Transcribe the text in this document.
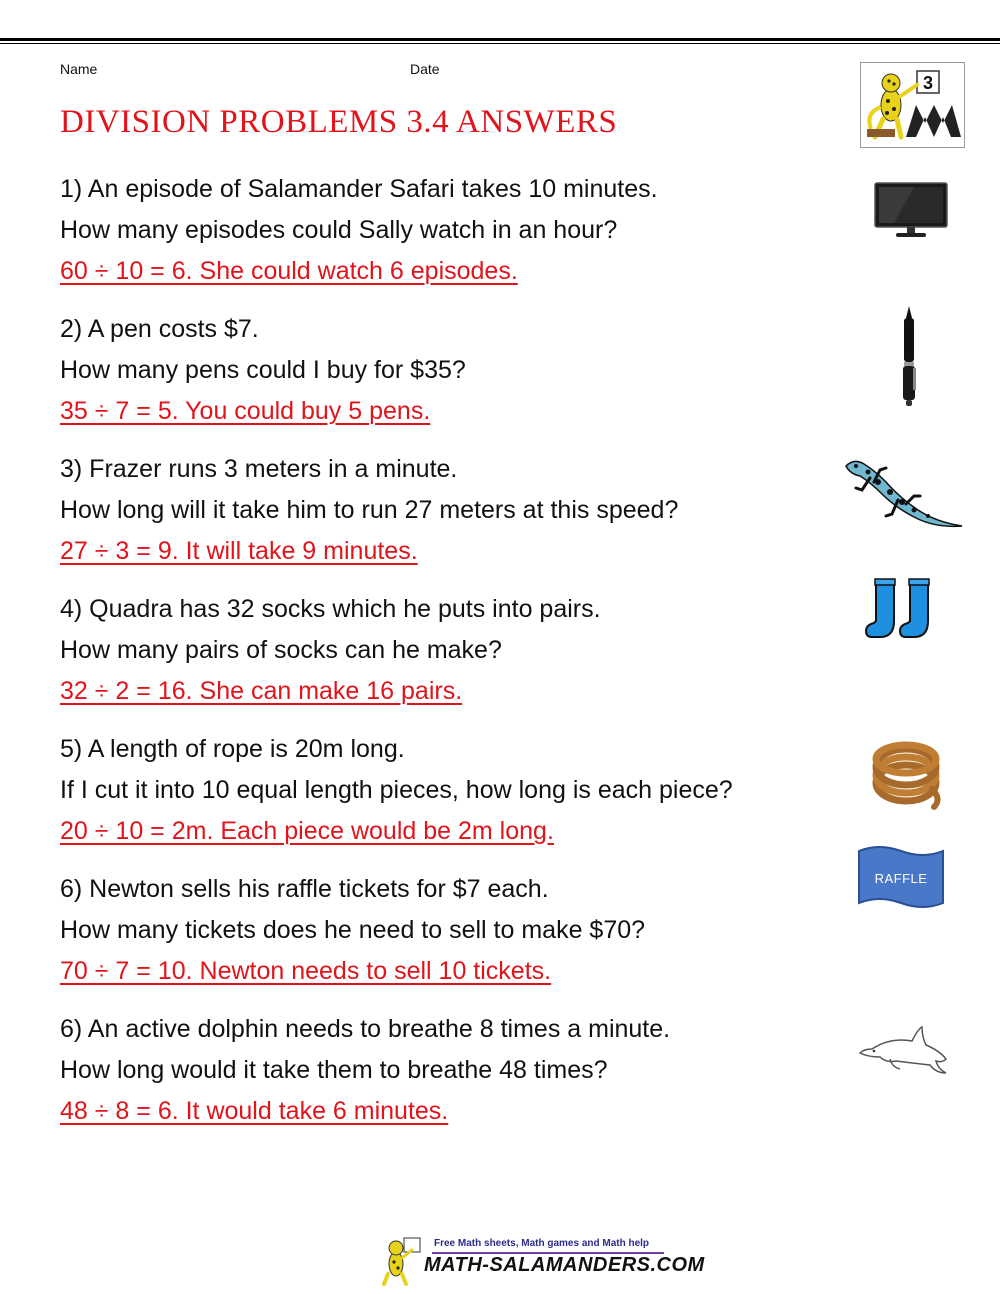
Name	Date
DIVISION PROBLEMS 3.4 ANSWERS
3
1) An episode of Salamander Safari takes 10 minutes.
How many episodes could Sally watch in an hour?
60 ÷ 10 = 6. She could watch 6 episodes.
2) A pen costs $7.
How many pens could I buy for $35?
35 ÷ 7 = 5. You could buy 5 pens.
3) Frazer runs 3 meters in a minute.
How long will it take him to run 27 meters at this speed?
27 ÷ 3 = 9. It will take 9 minutes.
4) Quadra has 32 socks which he puts into pairs.
How many pairs of socks can he make?
32 ÷ 2 = 16. She can make 16 pairs.
5) A length of rope is 20m long.
If I cut it into 10 equal length pieces, how long is each piece?
20 ÷ 10 = 2m. Each piece would be 2m long.
6) Newton sells his raffle tickets for $7 each.
How many tickets does he need to sell to make $70?
70 ÷ 7 = 10. Newton needs to sell 10 tickets.
6) An active dolphin needs to breathe 8 times a minute.
How long would it take them to breathe 48 times?
48 ÷ 8 = 6. It would take 6 minutes.
RAFFLE
Free Math sheets, Math games and Math help
MATH-SALAMANDERS.COM
